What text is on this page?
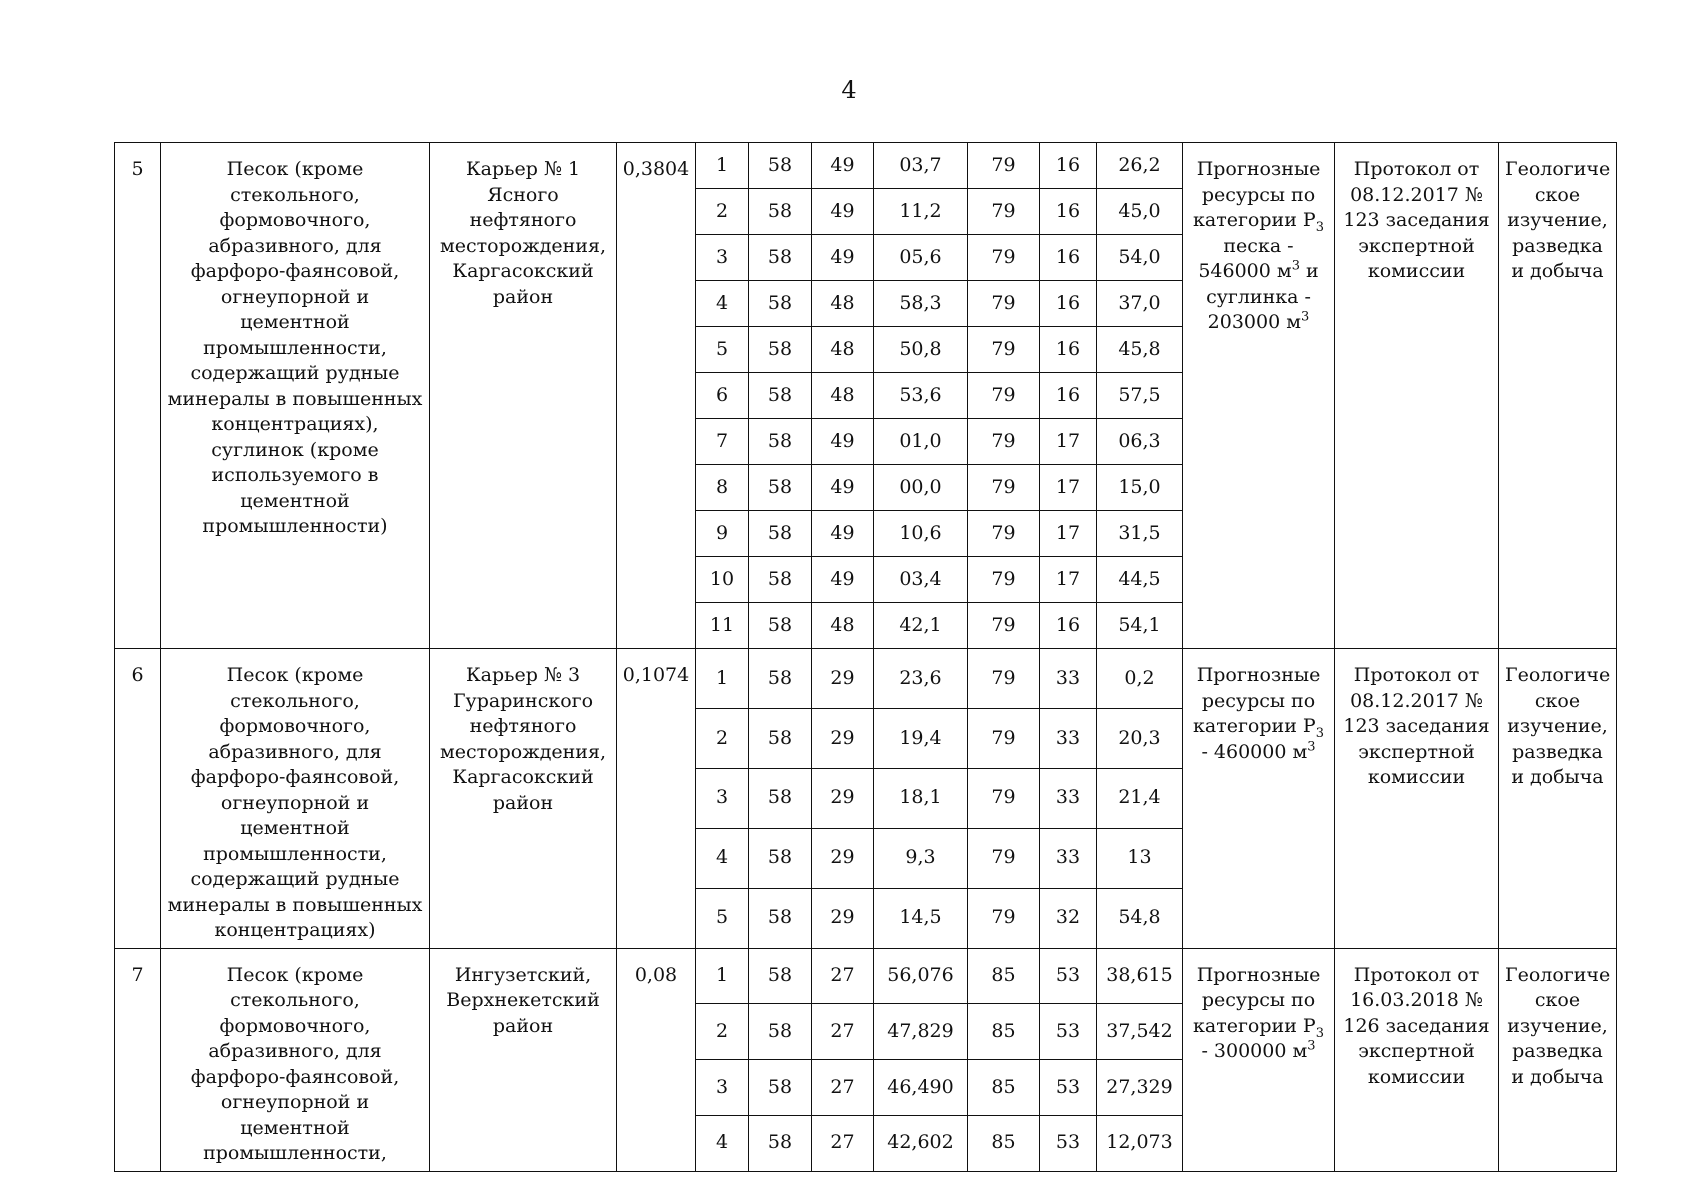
4
5	Песок (кроме стекольного, формовочного, абразивного, для фарфоро-фаянсовой, огнеупорной и цементной промышленности, содержащий рудные минералы в повышенных концентрациях), суглинок (кроме используемого в цементной промышленности)	Карьер № 1 Ясного нефтяного месторождения, Каргасокский район	0,3804	1	58	49	03,7	79	16	26,2	Прогнозные ресурсы по категории $Р_3$ песка - 546000 $м^3$ и суглинка - 203000 $м^3$	Протокол от 08.12.2017 № 123 заседания экспертной комиссии	Геологиче ское изучение, разведка и добыча
				2	58	49	11,2	79	16	45,0			
				3	58	49	05,6	79	16	54,0			
				4	58	48	58,3	79	16	37,0			
				5	58	48	50,8	79	16	45,8			
				6	58	48	53,6	79	16	57,5			
				7	58	49	01,0	79	17	06,3			
				8	58	49	00,0	79	17	15,0			
				9	58	49	10,6	79	17	31,5			
				10	58	49	03,4	79	17	44,5			
				11	58	48	42,1	79	16	54,1			
6	Песок (кроме стекольного, формовочного, абразивного, для фарфоро-фаянсовой, огнеупорной и цементной промышленности, содержащий рудные минералы в повышенных концентрациях)	Карьер № 3 Гураринского нефтяного месторождения, Каргасокский район	0,1074	1	58	29	23,6	79	33	0,2	Прогнозные ресурсы по категории $Р_3 - 460000$ $м^3$	Протокол от 08.12.2017 № 123 заседания экспертной комиссии	Геологиче ское изучение, разведка и добыча
				2	58	29	19,4	79	33	20,3			
				3	58	29	18,1	79	33	21,4			
				4	58	29	9,3	79	33	13			
				5	58	29	14,5	79	32	54,8			
7	Песок (кроме стекольного, формовочного, абразивного, для фарфоро-фаянсовой, огнеупорной и цементной промышленности,	Ингузетский, Верхнекетский район	0,08	1	58	27	56,076	85	53	38,615	Прогнозные ресурсы по категории $Р_3 - 300000$ $м^3$	Протокол от 16.03.2018 № 126 заседания экспертной комиссии	Геологиче ское изучение, разведка и добыча
				2	58	27	47,829	85	53	37,542			
				3	58	27	46,490	85	53	27,329			
				4	58	27	42,602	85	53	12,073			
